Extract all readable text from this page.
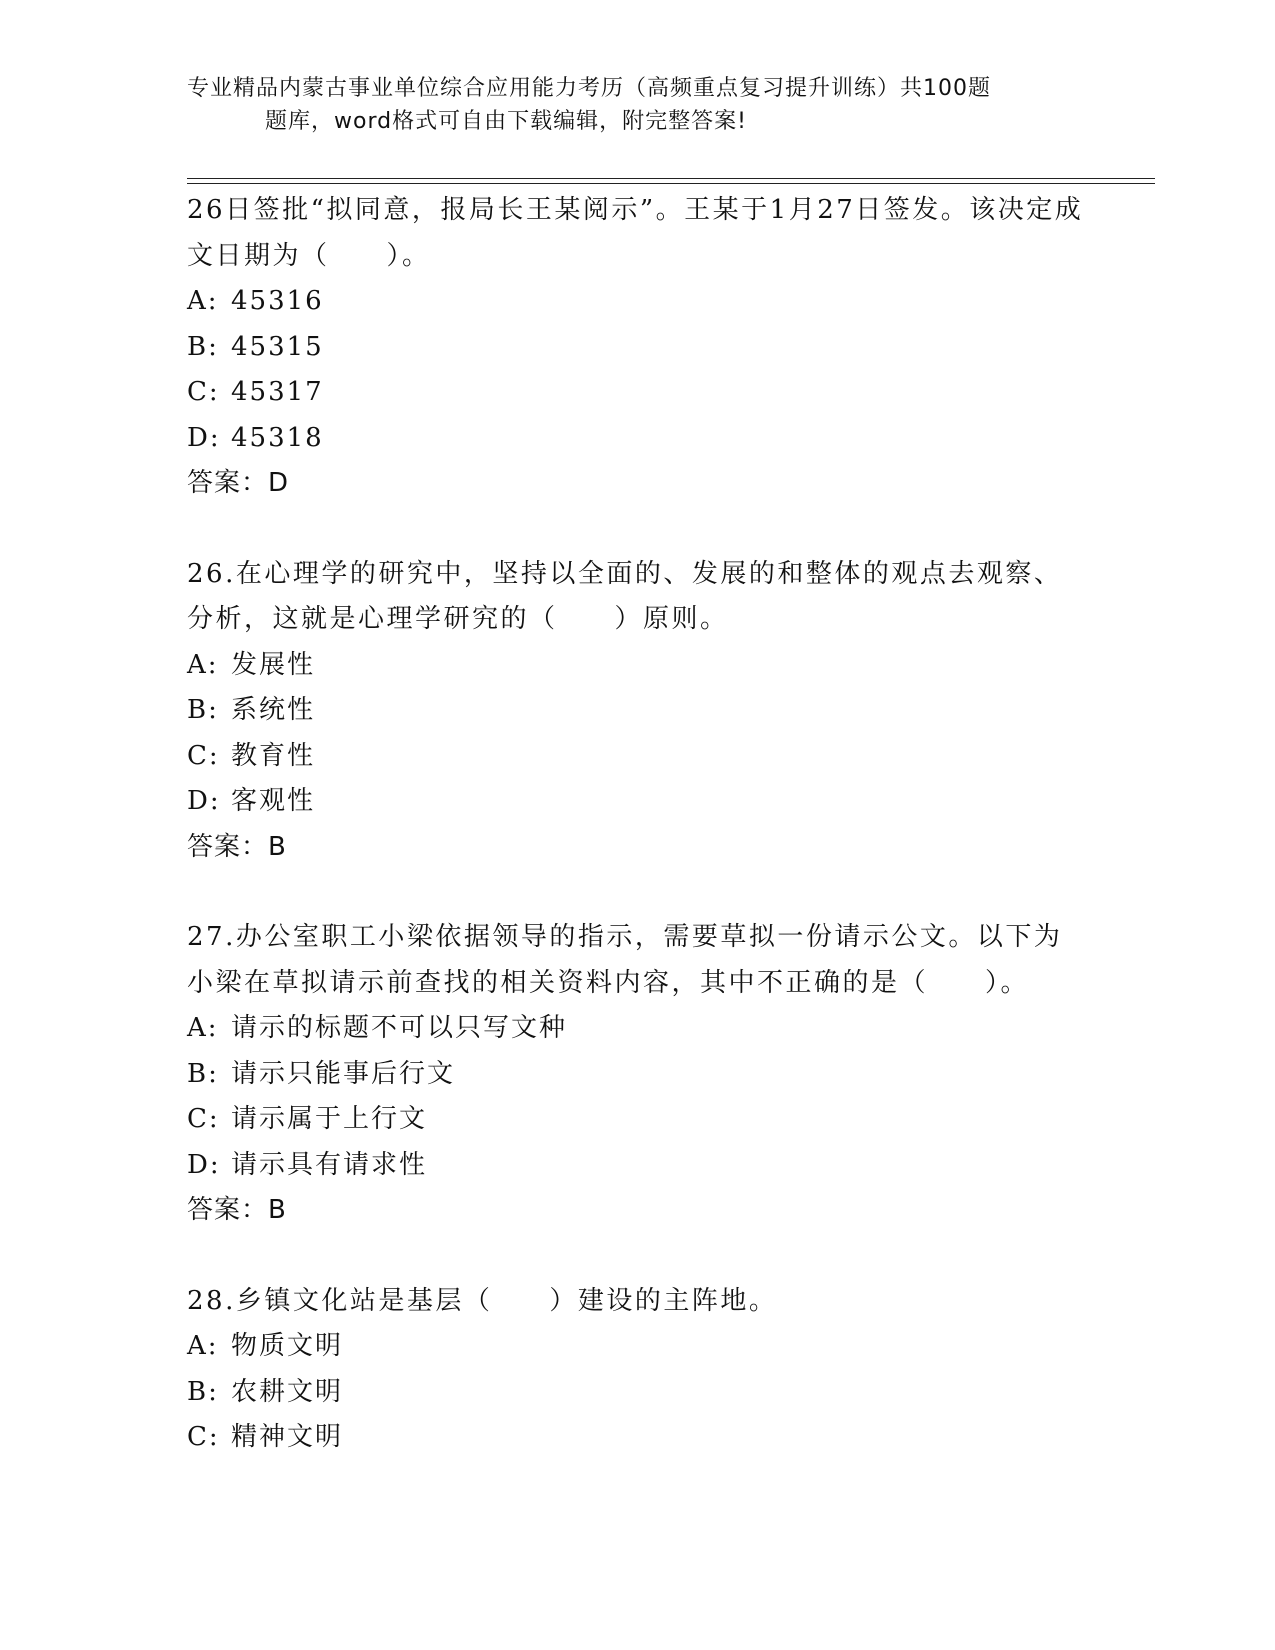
专业精品内蒙古事业单位综合应用能力考历（高频重点复习提升训练）共100题
题库，word格式可自由下载编辑，附完整答案!

26日签批“拟同意，报局长王某阅示”。王某于1月27日签发。该决定成文日期为（　　）。

A: 45316

B: 45315

C: 45317

D: 45318

答案：D

26.在心理学的研究中，坚持以全面的、发展的和整体的观点去观察、分析，这就是心理学研究的（　　）原则。

A: 发展性

B: 系统性

C: 教育性

D: 客观性

答案：B

27.办公室职工小梁依据领导的指示，需要草拟一份请示公文。以下为小梁在草拟请示前查找的相关资料内容，其中不正确的是（　　）。

A: 请示的标题不可以只写文种

B: 请示只能事后行文

C: 请示属于上行文

D: 请示具有请求性

答案：B

28.乡镇文化站是基层（　　）建设的主阵地。

A: 物质文明

B: 农耕文明

C: 精神文明
